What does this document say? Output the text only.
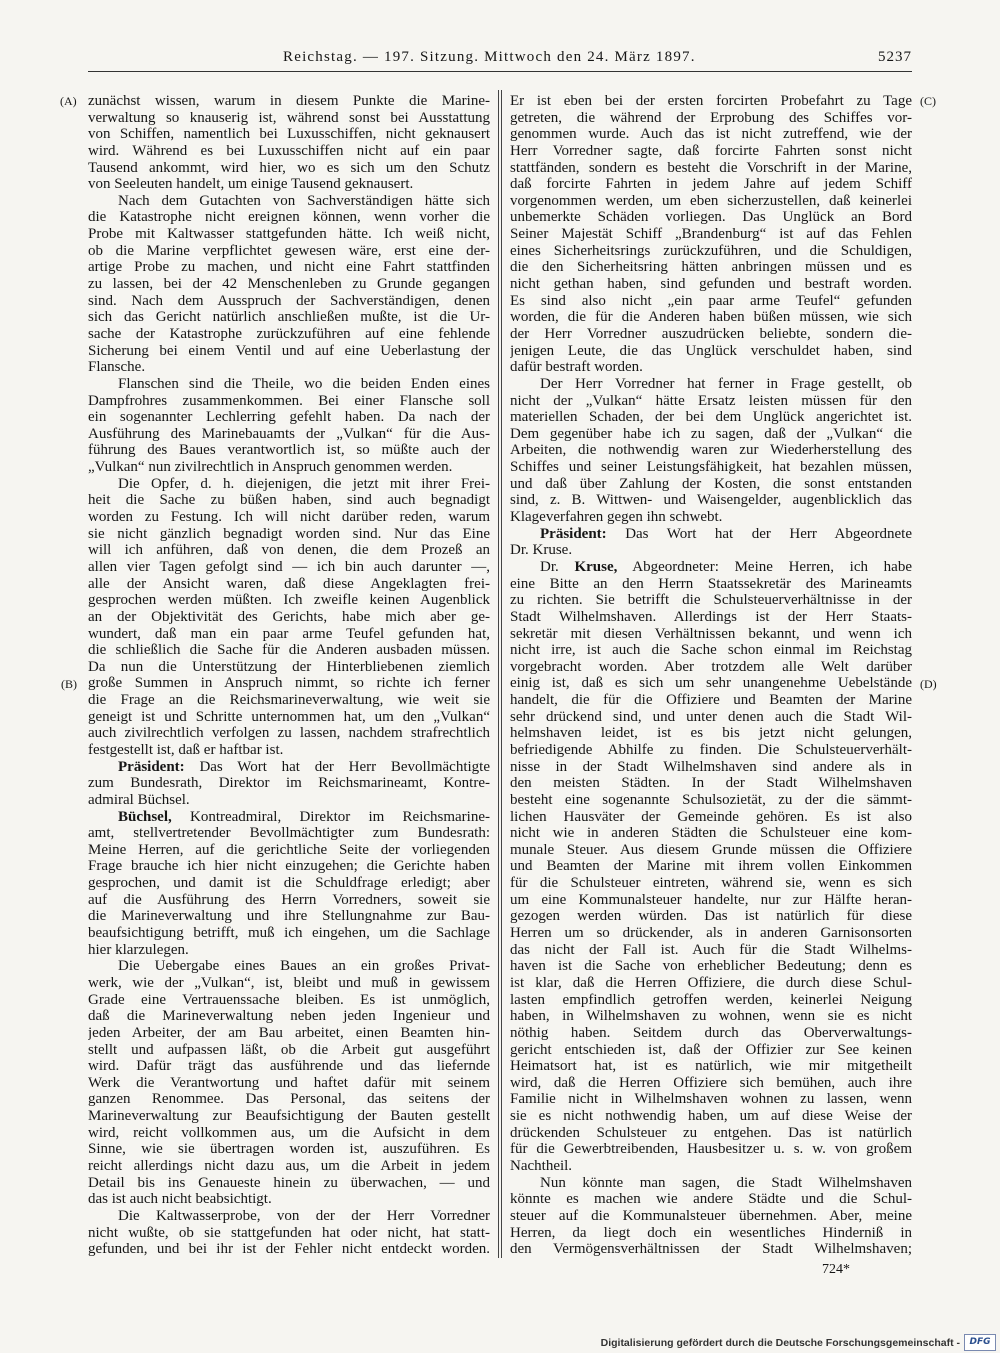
Reichstag. — 197. Sitzung. Mittwoch den 24. März 1897.	5237
(A)
(B)
(C)
(D)
zunächst wissen, warum in diesem Punkte die Marine-
verwaltung so knauserig ist, während sonst bei Ausstattung
von Schiffen, namentlich bei Luxusschiffen, nicht geknausert
wird. Während es bei Luxusschiffen nicht auf ein paar
Tausend ankommt, wird hier, wo es sich um den Schutz
von Seeleuten handelt, um einige Tausend geknausert.
Nach dem Gutachten von Sachverständigen hätte sich
die Katastrophe nicht ereignen können, wenn vorher die
Probe mit Kaltwasser stattgefunden hätte. Ich weiß nicht,
ob die Marine verpflichtet gewesen wäre, erst eine der-
artige Probe zu machen, und nicht eine Fahrt stattfinden
zu lassen, bei der 42 Menschenleben zu Grunde gegangen
sind. Nach dem Ausspruch der Sachverständigen, denen
sich das Gericht natürlich anschließen mußte, ist die Ur-
sache der Katastrophe zurückzuführen auf eine fehlende
Sicherung bei einem Ventil und auf eine Ueberlastung der
Flansche.
Flanschen sind die Theile, wo die beiden Enden eines
Dampfrohres zusammenkommen. Bei einer Flansche soll
ein sogenannter Lechlerring gefehlt haben. Da nach der
Ausführung des Marinebauamts der „Vulkan“ für die Aus-
führung des Baues verantwortlich ist, so müßte auch der
„Vulkan“ nun zivilrechtlich in Anspruch genommen werden.
Die Opfer, d. h. diejenigen, die jetzt mit ihrer Frei-
heit die Sache zu büßen haben, sind auch begnadigt
worden zu Festung. Ich will nicht darüber reden, warum
sie nicht gänzlich begnadigt worden sind. Nur das Eine
will ich anführen, daß von denen, die dem Prozeß an
allen vier Tagen gefolgt sind — ich bin auch darunter —,
alle der Ansicht waren, daß diese Angeklagten frei-
gesprochen werden müßten. Ich zweifle keinen Augenblick
an der Objektivität des Gerichts, habe mich aber ge-
wundert, daß man ein paar arme Teufel gefunden hat,
die schließlich die Sache für die Anderen ausbaden müssen.
Da nun die Unterstützung der Hinterbliebenen ziemlich
große Summen in Anspruch nimmt, so richte ich ferner
die Frage an die Reichsmarineverwaltung, wie weit sie
geneigt ist und Schritte unternommen hat, um den „Vulkan“
auch zivilrechtlich verfolgen zu lassen, nachdem strafrechtlich
festgestellt ist, daß er haftbar ist.
Präsident: Das Wort hat der Herr Bevollmächtigte
zum Bundesrath, Direktor im Reichsmarineamt, Kontre-
admiral Büchsel.
Büchsel, Kontreadmiral, Direktor im Reichsmarine-
amt, stellvertretender Bevollmächtigter zum Bundesrath:
Meine Herren, auf die gerichtliche Seite der vorliegenden
Frage brauche ich hier nicht einzugehen; die Gerichte haben
gesprochen, und damit ist die Schuldfrage erledigt; aber
auf die Ausführung des Herrn Vorredners, soweit sie
die Marineverwaltung und ihre Stellungnahme zur Bau-
beaufsichtigung betrifft, muß ich eingehen, um die Sachlage
hier klarzulegen.
Die Uebergabe eines Baues an ein großes Privat-
werk, wie der „Vulkan“, ist, bleibt und muß in gewissem
Grade eine Vertrauenssache bleiben. Es ist unmöglich,
daß die Marineverwaltung neben jeden Ingenieur und
jeden Arbeiter, der am Bau arbeitet, einen Beamten hin-
stellt und aufpassen läßt, ob die Arbeit gut ausgeführt
wird. Dafür trägt das ausführende und das liefernde
Werk die Verantwortung und haftet dafür mit seinem
ganzen Renommee. Das Personal, das seitens der
Marineverwaltung zur Beaufsichtigung der Bauten gestellt
wird, reicht vollkommen aus, um die Aufsicht in dem
Sinne, wie sie übertragen worden ist, auszuführen. Es
reicht allerdings nicht dazu aus, um die Arbeit in jedem
Detail bis ins Genaueste hinein zu überwachen, — und
das ist auch nicht beabsichtigt.
Die Kaltwasserprobe, von der der Herr Vorredner
nicht wußte, ob sie stattgefunden hat oder nicht, hat statt-
gefunden, und bei ihr ist der Fehler nicht entdeckt worden.
Er ist eben bei der ersten forcirten Probefahrt zu Tage
getreten, die während der Erprobung des Schiffes vor-
genommen wurde. Auch das ist nicht zutreffend, wie der
Herr Vorredner sagte, daß forcirte Fahrten sonst nicht
stattfänden, sondern es besteht die Vorschrift in der Marine,
daß forcirte Fahrten in jedem Jahre auf jedem Schiff
vorgenommen werden, um eben sicherzustellen, daß keinerlei
unbemerkte Schäden vorliegen. Das Unglück an Bord
Seiner Majestät Schiff „Brandenburg“ ist auf das Fehlen
eines Sicherheitsrings zurückzuführen, und die Schuldigen,
die den Sicherheitsring hätten anbringen müssen und es
nicht gethan haben, sind gefunden und bestraft worden.
Es sind also nicht „ein paar arme Teufel“ gefunden
worden, die für die Anderen haben büßen müssen, wie sich
der Herr Vorredner auszudrücken beliebte, sondern die-
jenigen Leute, die das Unglück verschuldet haben, sind
dafür bestraft worden.
Der Herr Vorredner hat ferner in Frage gestellt, ob
nicht der „Vulkan“ hätte Ersatz leisten müssen für den
materiellen Schaden, der bei dem Unglück angerichtet ist.
Dem gegenüber habe ich zu sagen, daß der „Vulkan“ die
Arbeiten, die nothwendig waren zur Wiederherstellung des
Schiffes und seiner Leistungsfähigkeit, hat bezahlen müssen,
und daß über Zahlung der Kosten, die sonst entstanden
sind, z. B. Wittwen- und Waisengelder, augenblicklich das
Klageverfahren gegen ihn schwebt.
Präsident: Das Wort hat der Herr Abgeordnete
Dr. Kruse.
Dr. Kruse, Abgeordneter: Meine Herren, ich habe
eine Bitte an den Herrn Staatssekretär des Marineamts
zu richten. Sie betrifft die Schulsteuerverhältnisse in der
Stadt Wilhelmshaven. Allerdings ist der Herr Staats-
sekretär mit diesen Verhältnissen bekannt, und wenn ich
nicht irre, ist auch die Sache schon einmal im Reichstag
vorgebracht worden. Aber trotzdem alle Welt darüber
einig ist, daß es sich um sehr unangenehme Uebelstände
handelt, die für die Offiziere und Beamten der Marine
sehr drückend sind, und unter denen auch die Stadt Wil-
helmshaven leidet, ist es bis jetzt nicht gelungen,
befriedigende Abhilfe zu finden. Die Schulsteuerverhält-
nisse in der Stadt Wilhelmshaven sind andere als in
den meisten Städten. In der Stadt Wilhelmshaven
besteht eine sogenannte Schulsozietät, zu der die sämmt-
lichen Hausväter der Gemeinde gehören. Es ist also
nicht wie in anderen Städten die Schulsteuer eine kom-
munale Steuer. Aus diesem Grunde müssen die Offiziere
und Beamten der Marine mit ihrem vollen Einkommen
für die Schulsteuer eintreten, während sie, wenn es sich
um eine Kommunalsteuer handelte, nur zur Hälfte heran-
gezogen werden würden. Das ist natürlich für diese
Herren um so drückender, als in anderen Garnisonsorten
das nicht der Fall ist. Auch für die Stadt Wilhelms-
haven ist die Sache von erheblicher Bedeutung; denn es
ist klar, daß die Herren Offiziere, die durch diese Schul-
lasten empfindlich getroffen werden, keinerlei Neigung
haben, in Wilhelmshaven zu wohnen, wenn sie es nicht
nöthig haben. Seitdem durch das Oberverwaltungs-
gericht entschieden ist, daß der Offizier zur See keinen
Heimatsort hat, ist es natürlich, wie mir mitgetheilt
wird, daß die Herren Offiziere sich bemühen, auch ihre
Familie nicht in Wilhelmshaven wohnen zu lassen, wenn
sie es nicht nothwendig haben, um auf diese Weise der
drückenden Schulsteuer zu entgehen. Das ist natürlich
für die Gewerbtreibenden, Hausbesitzer u. s. w. von großem
Nachtheil.
Nun könnte man sagen, die Stadt Wilhelmshaven
könnte es machen wie andere Städte und die Schul-
steuer auf die Kommunalsteuer übernehmen. Aber, meine
Herren, da liegt doch ein wesentliches Hinderniß in
den Vermögensverhältnissen der Stadt Wilhelmshaven;
724*
Digitalisierung gefördert durch die Deutsche Forschungsgemeinschaft -	DFG
